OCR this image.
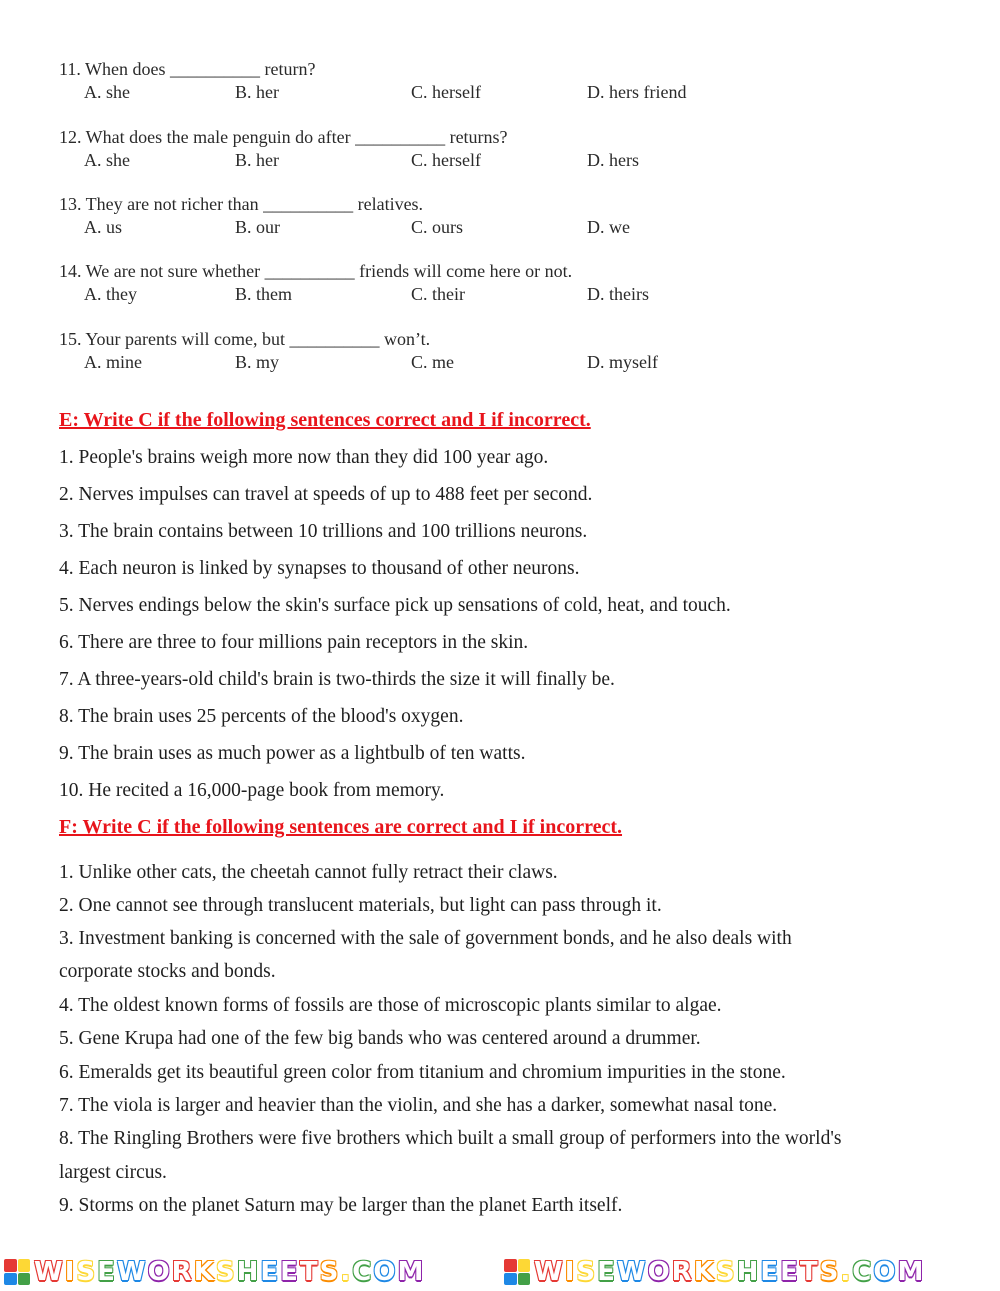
11. When does __________ return?
A. she	B. her	C. herself	D. hers friend
12. What does the male penguin do after __________ returns?
A. she	B. her	C. herself	D. hers
13. They are not richer than __________ relatives.
A. us	B. our	C. ours	D. we
14. We are not sure whether __________ friends will come here or not.
A. they	B. them	C. their	D. theirs
15. Your parents will come, but __________ won’t.
A. mine	B. my	C. me	D. myself
E: Write C if the following sentences correct and I if incorrect.
1. People's brains weigh more now than they did 100 year ago.
2. Nerves impulses can travel at speeds of up to 488 feet per second.
3. The brain contains between 10 trillions and 100 trillions neurons.
4. Each neuron is linked by synapses to thousand of other neurons.
5. Nerves endings below the skin's surface pick up sensations of cold, heat, and touch.
6. There are three to four millions pain receptors in the skin.
7. A three-years-old child's brain is two-thirds the size it will finally be.
8. The brain uses 25 percents of the blood's oxygen.
9. The brain uses as much power as a lightbulb of ten watts.
10. He recited a 16,000-page book from memory.
F: Write C if the following sentences are correct and I if incorrect.
1. Unlike other cats, the cheetah cannot fully retract their claws.
2. One cannot see through translucent materials, but light can pass through it.
3. Investment banking is concerned with the sale of government bonds, and he also deals with
corporate stocks and bonds.
4. The oldest known forms of fossils are those of microscopic plants similar to algae.
5. Gene Krupa had one of the few big bands who was centered around a drummer.
6. Emeralds get its beautiful green color from titanium and chromium impurities in the stone.
7. The viola is larger and heavier than the violin, and she has a darker, somewhat nasal tone.
8. The Ringling Brothers were five brothers which built a small group of performers into the world's
largest circus.
9. Storms on the planet Saturn may be larger than the planet Earth itself.
WISEWORKSHEETS.COM	WISEWORKSHEETS.COM
